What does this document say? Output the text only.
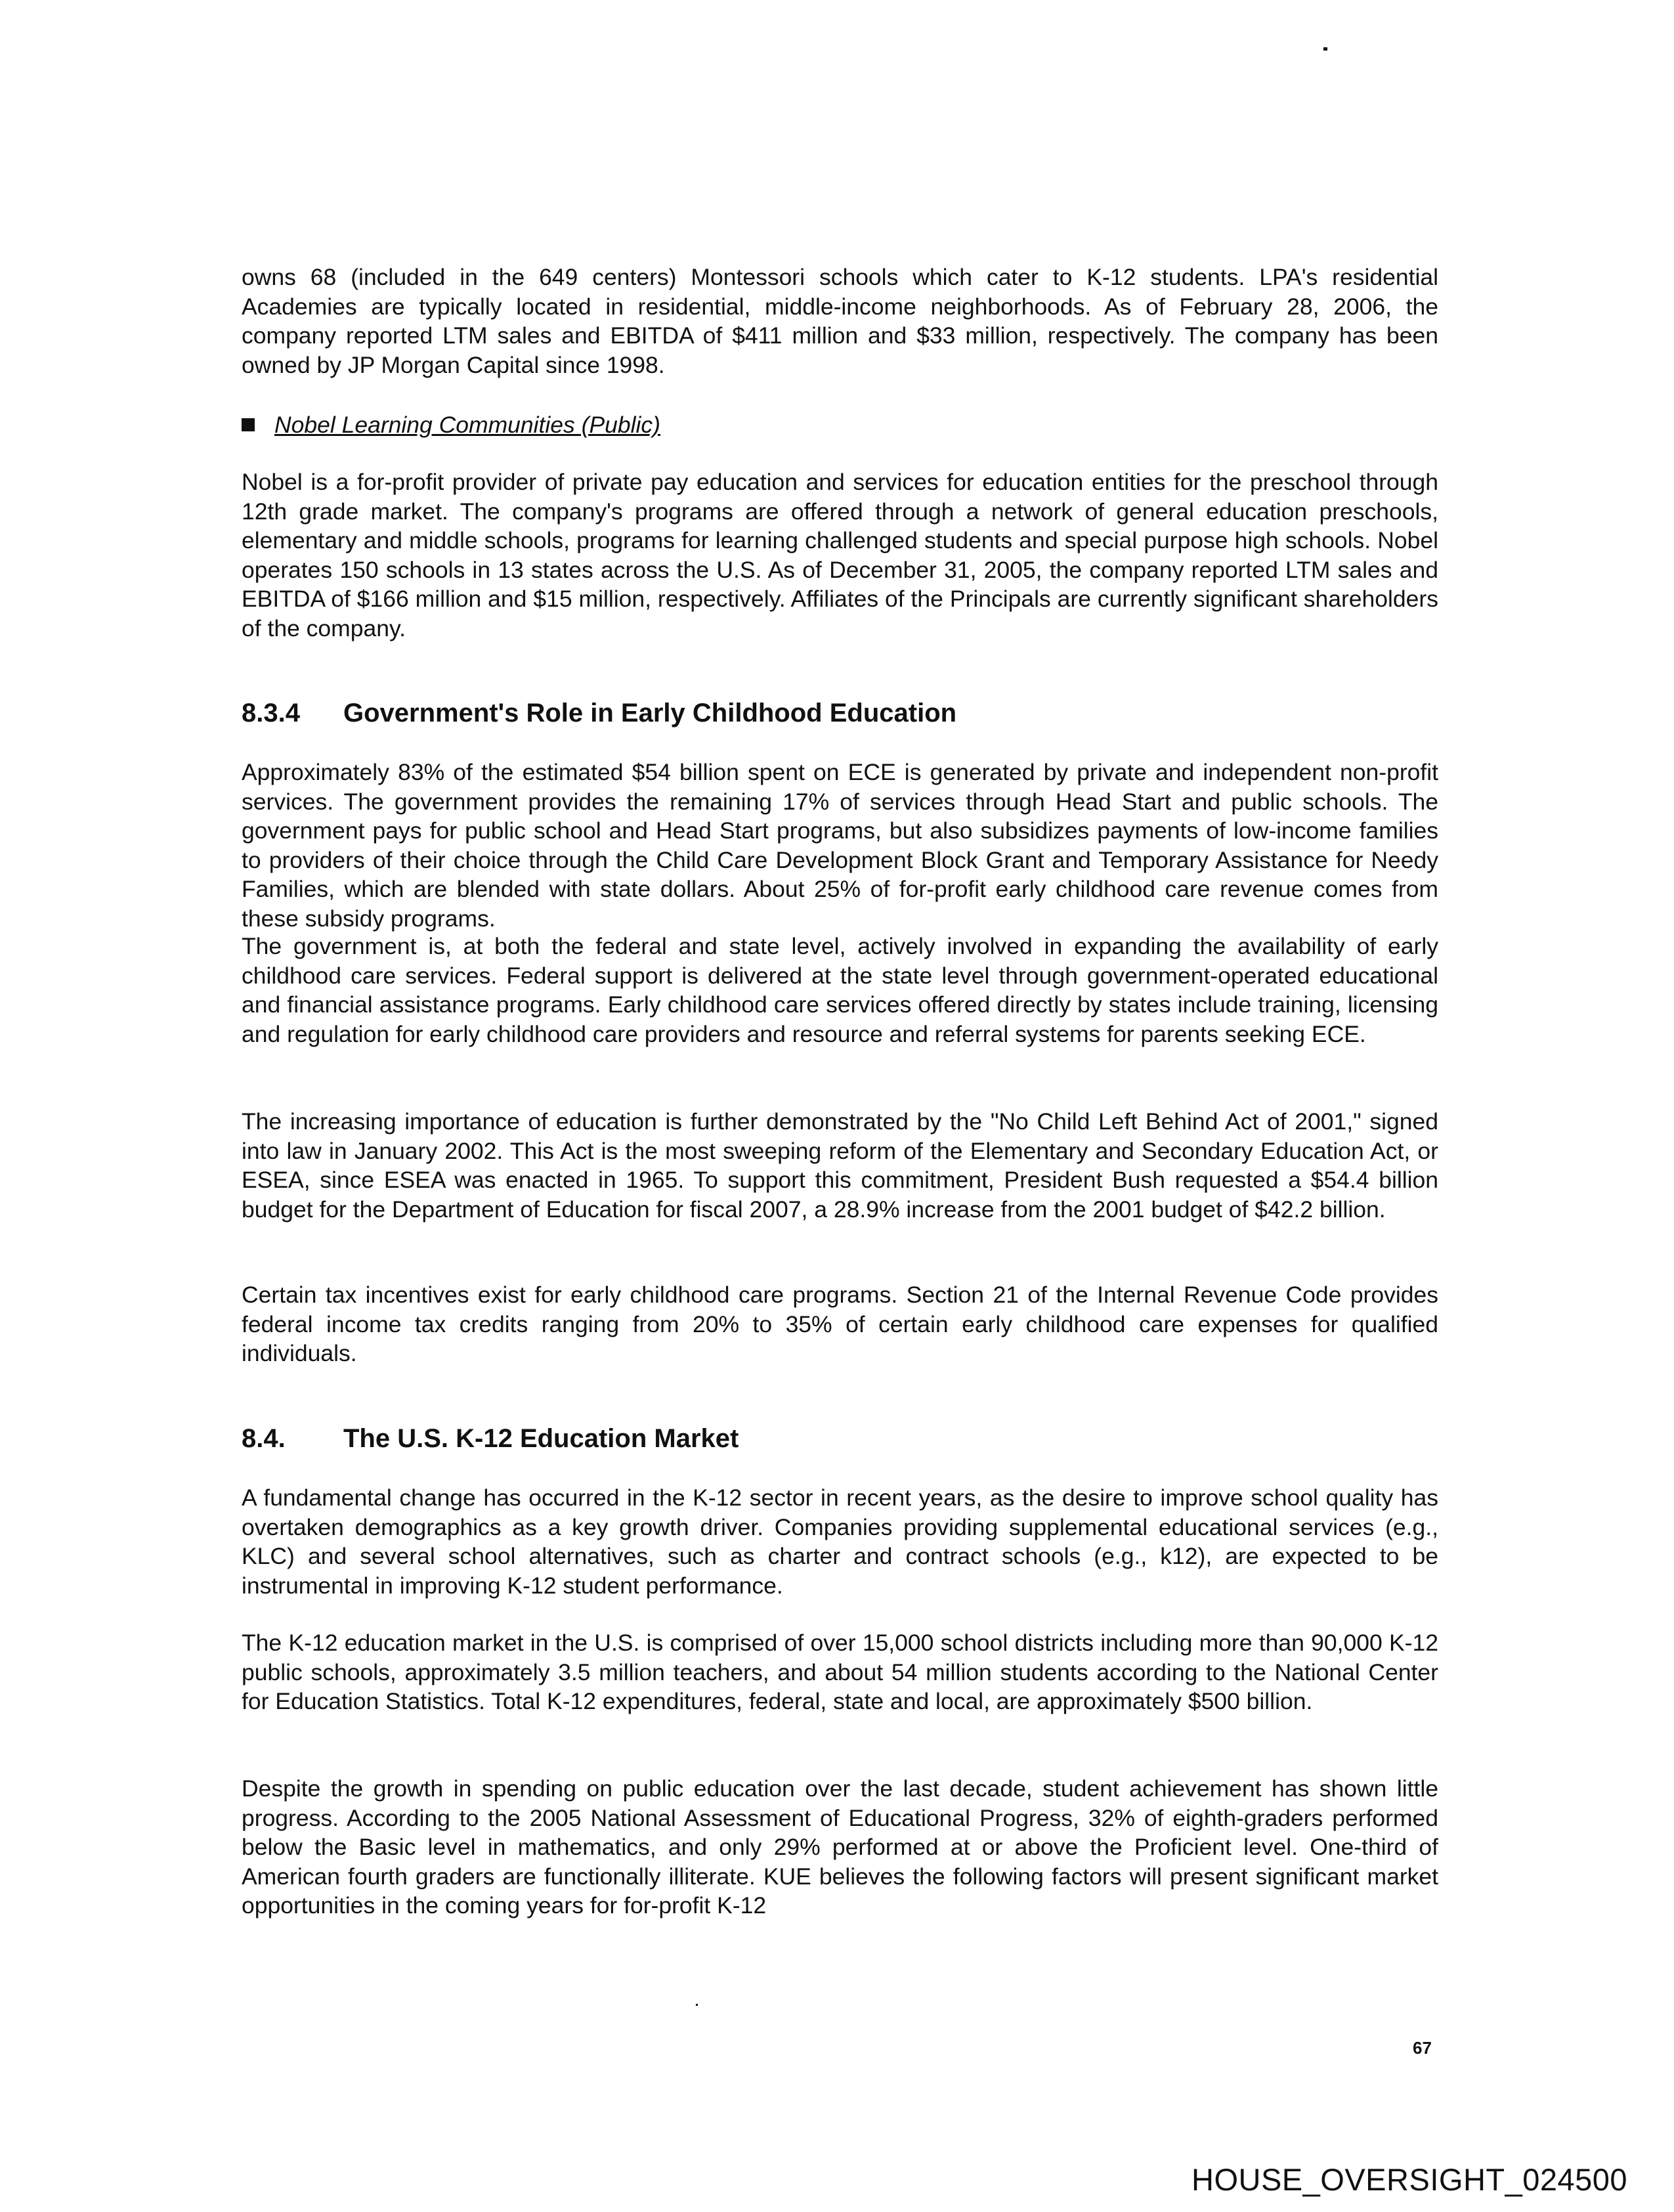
owns 68 (included in the 649 centers) Montessori schools which cater to K-12 students. LPA's residential Academies are typically located in residential, middle-income neighborhoods. As of February 28, 2006, the company reported LTM sales and EBITDA of $411 million and $33 million, respectively. The company has been owned by JP Morgan Capital since 1998.

Nobel Learning Communities (Public)

Nobel is a for-profit provider of private pay education and services for education entities for the preschool through 12th grade market. The company's programs are offered through a network of general education preschools, elementary and middle schools, programs for learning challenged students and special purpose high schools. Nobel operates 150 schools in 13 states across the U.S. As of December 31, 2005, the company reported LTM sales and EBITDA of $166 million and $15 million, respectively. Affiliates of the Principals are currently significant shareholders of the company.

8.3.4	Government's Role in Early Childhood Education

Approximately 83% of the estimated $54 billion spent on ECE is generated by private and independent non-profit services. The government provides the remaining 17% of services through Head Start and public schools. The government pays for public school and Head Start programs, but also subsidizes payments of low-income families to providers of their choice through the Child Care Development Block Grant and Temporary Assistance for Needy Families, which are blended with state dollars. About 25% of for-profit early childhood care revenue comes from these subsidy programs.

The government is, at both the federal and state level, actively involved in expanding the availability of early childhood care services. Federal support is delivered at the state level through government-operated educational and financial assistance programs. Early childhood care services offered directly by states include training, licensing and regulation for early childhood care providers and resource and referral systems for parents seeking ECE.

The increasing importance of education is further demonstrated by the "No Child Left Behind Act of 2001," signed into law in January 2002. This Act is the most sweeping reform of the Elementary and Secondary Education Act, or ESEA, since ESEA was enacted in 1965. To support this commitment, President Bush requested a $54.4 billion budget for the Department of Education for fiscal 2007, a 28.9% increase from the 2001 budget of $42.2 billion.

Certain tax incentives exist for early childhood care programs. Section 21 of the Internal Revenue Code provides federal income tax credits ranging from 20% to 35% of certain early childhood care expenses for qualified individuals.

8.4.	The U.S. K-12 Education Market

A fundamental change has occurred in the K-12 sector in recent years, as the desire to improve school quality has overtaken demographics as a key growth driver. Companies providing supplemental educational services (e.g., KLC) and several school alternatives, such as charter and contract schools (e.g., k12), are expected to be instrumental in improving K-12 student performance.

The K-12 education market in the U.S. is comprised of over 15,000 school districts including more than 90,000 K-12 public schools, approximately 3.5 million teachers, and about 54 million students according to the National Center for Education Statistics. Total K-12 expenditures, federal, state and local, are approximately $500 billion.

Despite the growth in spending on public education over the last decade, student achievement has shown little progress. According to the 2005 National Assessment of Educational Progress, 32% of eighth-graders performed below the Basic level in mathematics, and only 29% performed at or above the Proficient level. One-third of American fourth graders are functionally illiterate. KUE believes the following factors will present significant market opportunities in the coming years for for-profit K-12

67
HOUSE_OVERSIGHT_024500
